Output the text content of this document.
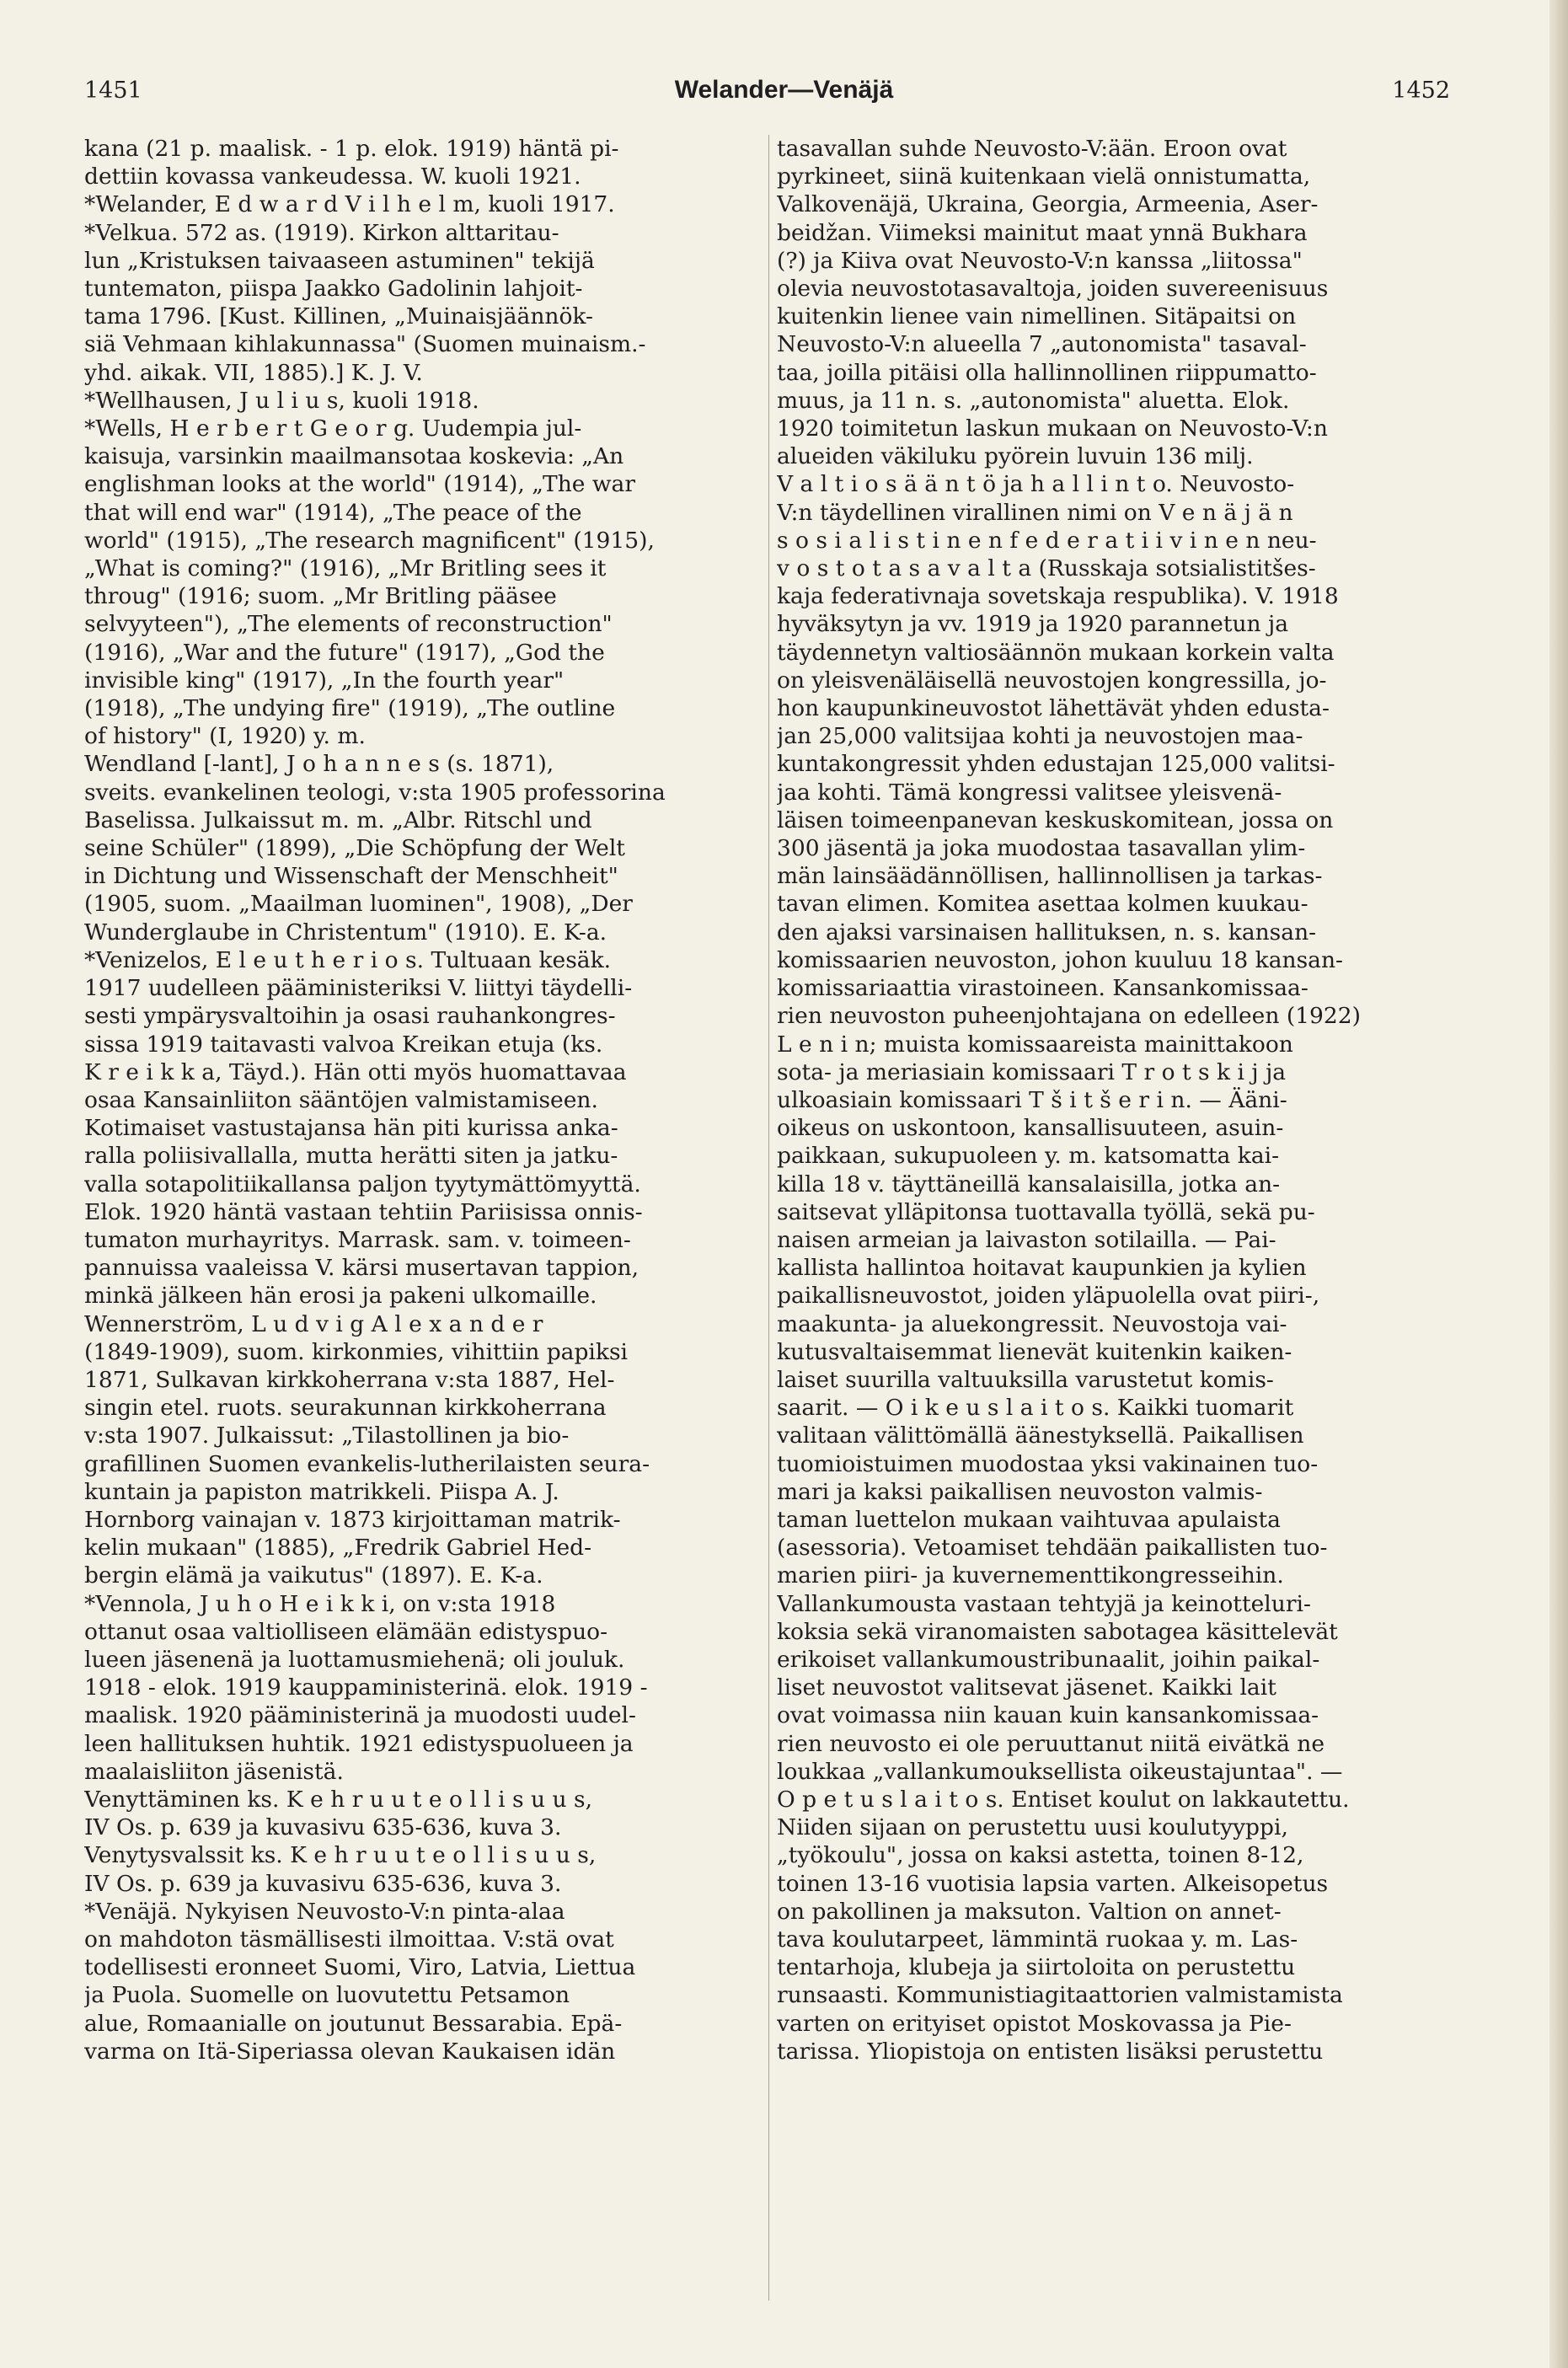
1451	Welander—Venäjä	1452

kana (21 p. maalisk. - 1 p. elok. 1919) häntä pi-

dettiin kovassa vankeudessa. W. kuoli 1921.

*Welander, E d w a r d V i l h e l m, kuoli 1917.

*Velkua. 572 as. (1919). Kirkon alttaritau-

lun „Kristuksen taivaaseen astuminen" tekijä

tuntematon, piispa Jaakko Gadolinin lahjoit-

tama 1796. [Kust. Killinen, „Muinaisjäännök-

siä Vehmaan kihlakunnassa" (Suomen muinaism.-

yhd. aikak. VII, 1885).] K. J. V.

*Wellhausen, J u l i u s, kuoli 1918.

*Wells, H e r b e r t G e o r g. Uudempia jul-

kaisuja, varsinkin maailmansotaa koskevia: „An

englishman looks at the world" (1914), „The war

that will end war" (1914), „The peace of the

world" (1915), „The research magnificent" (1915),

„What is coming?" (1916), „Mr Britling sees it

throug" (1916; suom. „Mr Britling pääsee

selvyyteen"), „The elements of reconstruction"

(1916), „War and the future" (1917), „God the

invisible king" (1917), „In the fourth year"

(1918), „The undying fire" (1919), „The outline

of history" (I, 1920) y. m.

Wendland [-lant], J o h a n n e s (s. 1871),

sveits. evankelinen teologi, v:sta 1905 professorina

Baselissa. Julkaissut m. m. „Albr. Ritschl und

seine Schüler" (1899), „Die Schöpfung der Welt

in Dichtung und Wissenschaft der Menschheit"

(1905, suom. „Maailman luominen", 1908), „Der

Wunderglaube in Christentum" (1910). E. K-a.

*Venizelos, E l e u t h e r i o s. Tultuaan kesäk.

1917 uudelleen pääministeriksi V. liittyi täydelli-

sesti ympärysvaltoihin ja osasi rauhankongres-

sissa 1919 taitavasti valvoa Kreikan etuja (ks.

K r e i k k a, Täyd.). Hän otti myös huomattavaa

osaa Kansainliiton sääntöjen valmistamiseen.

Kotimaiset vastustajansa hän piti kurissa anka-

ralla poliisivallalla, mutta herätti siten ja jatku-

valla sotapolitiikallansa paljon tyytymättömyyttä.

Elok. 1920 häntä vastaan tehtiin Pariisissa onnis-

tumaton murhayritys. Marrask. sam. v. toimeen-

pannuissa vaaleissa V. kärsi musertavan tappion,

minkä jälkeen hän erosi ja pakeni ulkomaille.

Wennerström, L u d v i g A l e x a n d e r

(1849-1909), suom. kirkonmies, vihittiin papiksi

1871, Sulkavan kirkkoherrana v:sta 1887, Hel-

singin etel. ruots. seurakunnan kirkkoherrana

v:sta 1907. Julkaissut: „Tilastollinen ja bio-

grafillinen Suomen evankelis-lutherilaisten seura-

kuntain ja papiston matrikkeli. Piispa A. J.

Hornborg vainajan v. 1873 kirjoittaman matrik-

kelin mukaan" (1885), „Fredrik Gabriel Hed-

bergin elämä ja vaikutus" (1897). E. K-a.

*Vennola, J u h o H e i k k i, on v:sta 1918

ottanut osaa valtiolliseen elämään edistyspuo-

lueen jäsenenä ja luottamusmiehenä; oli jouluk.

1918 - elok. 1919 kauppaministerinä. elok. 1919 -

maalisk. 1920 pääministerinä ja muodosti uudel-

leen hallituksen huhtik. 1921 edistyspuolueen ja

maalaisliiton jäsenistä.

Venyttäminen ks. K e h r u u t e o l l i s u u s,

IV Os. p. 639 ja kuvasivu 635-636, kuva 3.

Venytysvalssit ks. K e h r u u t e o l l i s u u s,

IV Os. p. 639 ja kuvasivu 635-636, kuva 3.

*Venäjä. Nykyisen Neuvosto-V:n pinta-alaa

on mahdoton täsmällisesti ilmoittaa. V:stä ovat

todellisesti eronneet Suomi, Viro, Latvia, Liettua

ja Puola. Suomelle on luovutettu Petsamon

alue, Romaanialle on joutunut Bessarabia. Epä-

varma on Itä-Siperiassa olevan Kaukaisen idän

tasavallan suhde Neuvosto-V:ään. Eroon ovat

pyrkineet, siinä kuitenkaan vielä onnistumatta,

Valkovenäjä, Ukraina, Georgia, Armeenia, Aser-

beidžan. Viimeksi mainitut maat ynnä Bukhara

(?) ja Kiiva ovat Neuvosto-V:n kanssa „liitossa"

olevia neuvostotasavaltoja, joiden suvereenisuus

kuitenkin lienee vain nimellinen. Sitäpaitsi on

Neuvosto-V:n alueella 7 „autonomista" tasaval-

taa, joilla pitäisi olla hallinnollinen riippumatto-

muus, ja 11 n. s. „autonomista" aluetta. Elok.

1920 toimitetun laskun mukaan on Neuvosto-V:n

alueiden väkiluku pyörein luvuin 136 milj.

V a l t i o s ä ä n t ö ja h a l l i n t o. Neuvosto-

V:n täydellinen virallinen nimi on V e n ä j ä n

s o s i a l i s t i n e n f e d e r a t i i v i n e n neu-

v o s t o t a s a v a l t a (Russkaja sotsialistitšes-

kaja federativnaja sovetskaja respublika). V. 1918

hyväksytyn ja vv. 1919 ja 1920 parannetun ja

täydennetyn valtiosäännön mukaan korkein valta

on yleisvenäläisellä neuvostojen kongressilla, jo-

hon kaupunkineuvostot lähettävät yhden edusta-

jan 25,000 valitsijaa kohti ja neuvostojen maa-

kuntakongressit yhden edustajan 125,000 valitsi-

jaa kohti. Tämä kongressi valitsee yleisvenä-

läisen toimeenpanevan keskuskomitean, jossa on

300 jäsentä ja joka muodostaa tasavallan ylim-

män lainsäädännöllisen, hallinnollisen ja tarkas-

tavan elimen. Komitea asettaa kolmen kuukau-

den ajaksi varsinaisen hallituksen, n. s. kansan-

komissaarien neuvoston, johon kuuluu 18 kansan-

komissariaattia virastoineen. Kansankomissaa-

rien neuvoston puheenjohtajana on edelleen (1922)

L e n i n; muista komissaareista mainittakoon

sota- ja meriasiain komissaari T r o t s k i j ja

ulkoasiain komissaari T š i t š e r i n. — Ääni-

oikeus on uskontoon, kansallisuuteen, asuin-

paikkaan, sukupuoleen y. m. katsomatta kai-

killa 18 v. täyttäneillä kansalaisilla, jotka an-

saitsevat ylläpitonsa tuottavalla työllä, sekä pu-

naisen armeian ja laivaston sotilailla. — Pai-

kallista hallintoa hoitavat kaupunkien ja kylien

paikallisneuvostot, joiden yläpuolella ovat piiri-,

maakunta- ja aluekongressit. Neuvostoja vai-

kutusvaltaisemmat lienevät kuitenkin kaiken-

laiset suurilla valtuuksilla varustetut komis-

saarit. — O i k e u s l a i t o s. Kaikki tuomarit

valitaan välittömällä äänestyksellä. Paikallisen

tuomioistuimen muodostaa yksi vakinainen tuo-

mari ja kaksi paikallisen neuvoston valmis-

taman luettelon mukaan vaihtuvaa apulaista

(asessoria). Vetoamiset tehdään paikallisten tuo-

marien piiri- ja kuvernementtikongresseihin.

Vallankumousta vastaan tehtyjä ja keinotteluri-

koksia sekä viranomaisten sabotagea käsittelevät

erikoiset vallankumoustribunaalit, joihin paikal-

liset neuvostot valitsevat jäsenet. Kaikki lait

ovat voimassa niin kauan kuin kansankomissaa-

rien neuvosto ei ole peruuttanut niitä eivätkä ne

loukkaa „vallankumouksellista oikeustajuntaa". —

O p e t u s l a i t o s. Entiset koulut on lakkautettu.

Niiden sijaan on perustettu uusi koulutyyppi,

„työkoulu", jossa on kaksi astetta, toinen 8-12,

toinen 13-16 vuotisia lapsia varten. Alkeisopetus

on pakollinen ja maksuton. Valtion on annet-

tava koulutarpeet, lämmintä ruokaa y. m. Las-

tentarhoja, klubeja ja siirtoloita on perustettu

runsaasti. Kommunistiagitaattorien valmistamista

varten on erityiset opistot Moskovassa ja Pie-

tarissa. Yliopistoja on entisten lisäksi perustettu
